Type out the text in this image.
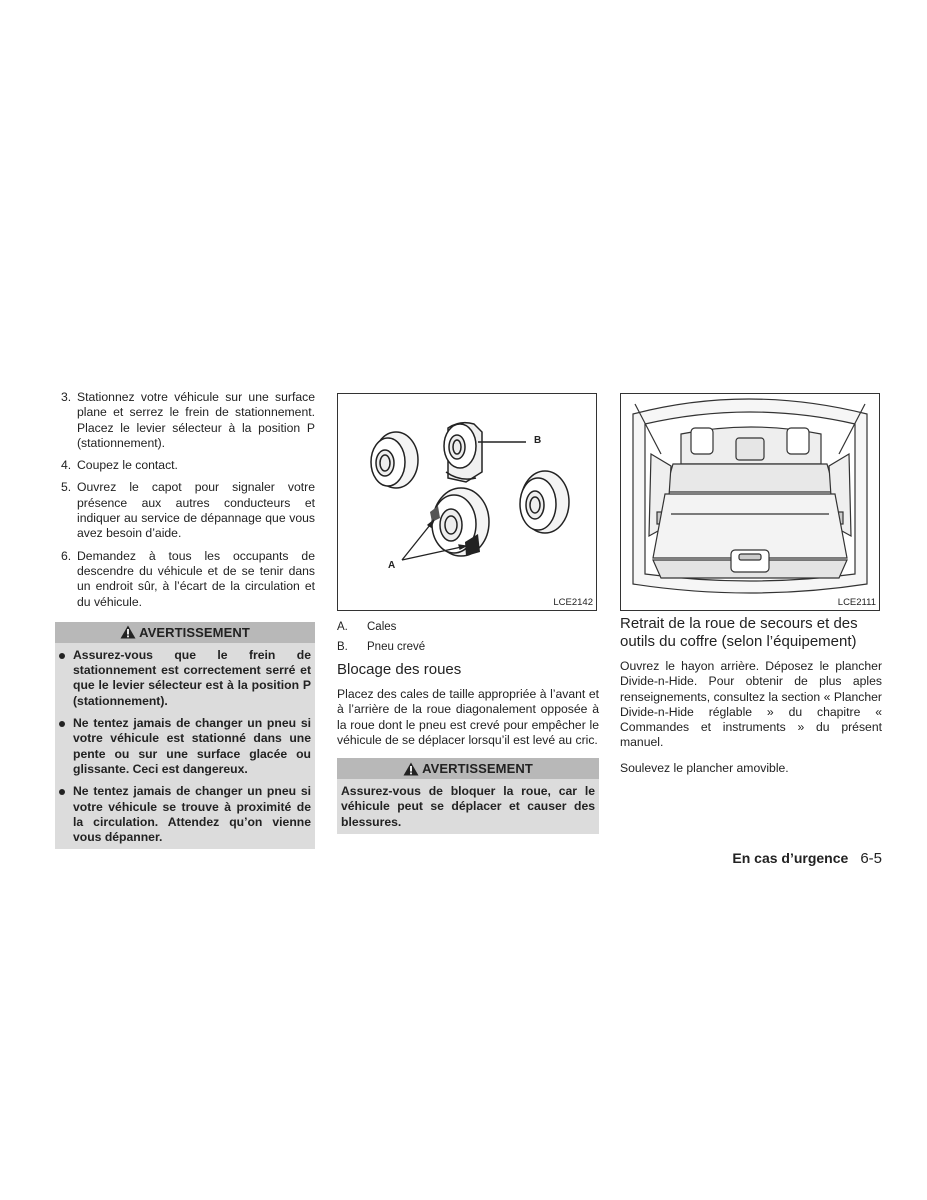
3. Stationnez votre véhicule sur une surface plane et serrez le frein de stationnement. Placez le levier sélecteur à la position P (stationnement).
4. Coupez le contact.
5. Ouvrez le capot pour signaler votre présence aux autres conducteurs et indiquer au service de dépannage que vous avez besoin d’aide.
6. Demandez à tous les occupants de descendre du véhicule et de se tenir dans un endroit sûr, à l’écart de la circulation et du véhicule.
AVERTISSEMENT
Assurez-vous que le frein de stationnement est correctement serré et que le levier sélecteur est à la position P (stationnement).
Ne tentez jamais de changer un pneu si votre véhicule est stationné dans une pente ou sur une surface glacée ou glissante. Ceci est dangereux.
Ne tentez jamais de changer un pneu si votre véhicule se trouve à proximité de la circulation. Attendez qu’on vienne vous dépanner.
B
A
LCE2142
A.	Cales
B.	Pneu crevé
Blocage des roues

Placez des cales de taille appropriée à l’avant et à l’arrière de la roue diagonalement opposée à la roue dont le pneu est crevé pour empêcher le véhicule de se déplacer lorsqu’il est levé au cric.

AVERTISSEMENT

Assurez-vous de bloquer la roue, car le véhicule peut se déplacer et causer des blessures.

LCE2111
Retrait de la roue de secours et des outils du coffre (selon l’équipement)

Ouvrez le hayon arrière. Déposez le plancher Divide-n-Hide. Pour obtenir de plus aples renseignements, consultez la section « Plancher Divide-n-Hide réglable » du chapitre « Commandes et instruments » du présent manuel.

Soulevez le plancher amovible.

En cas d’urgence 6-5
